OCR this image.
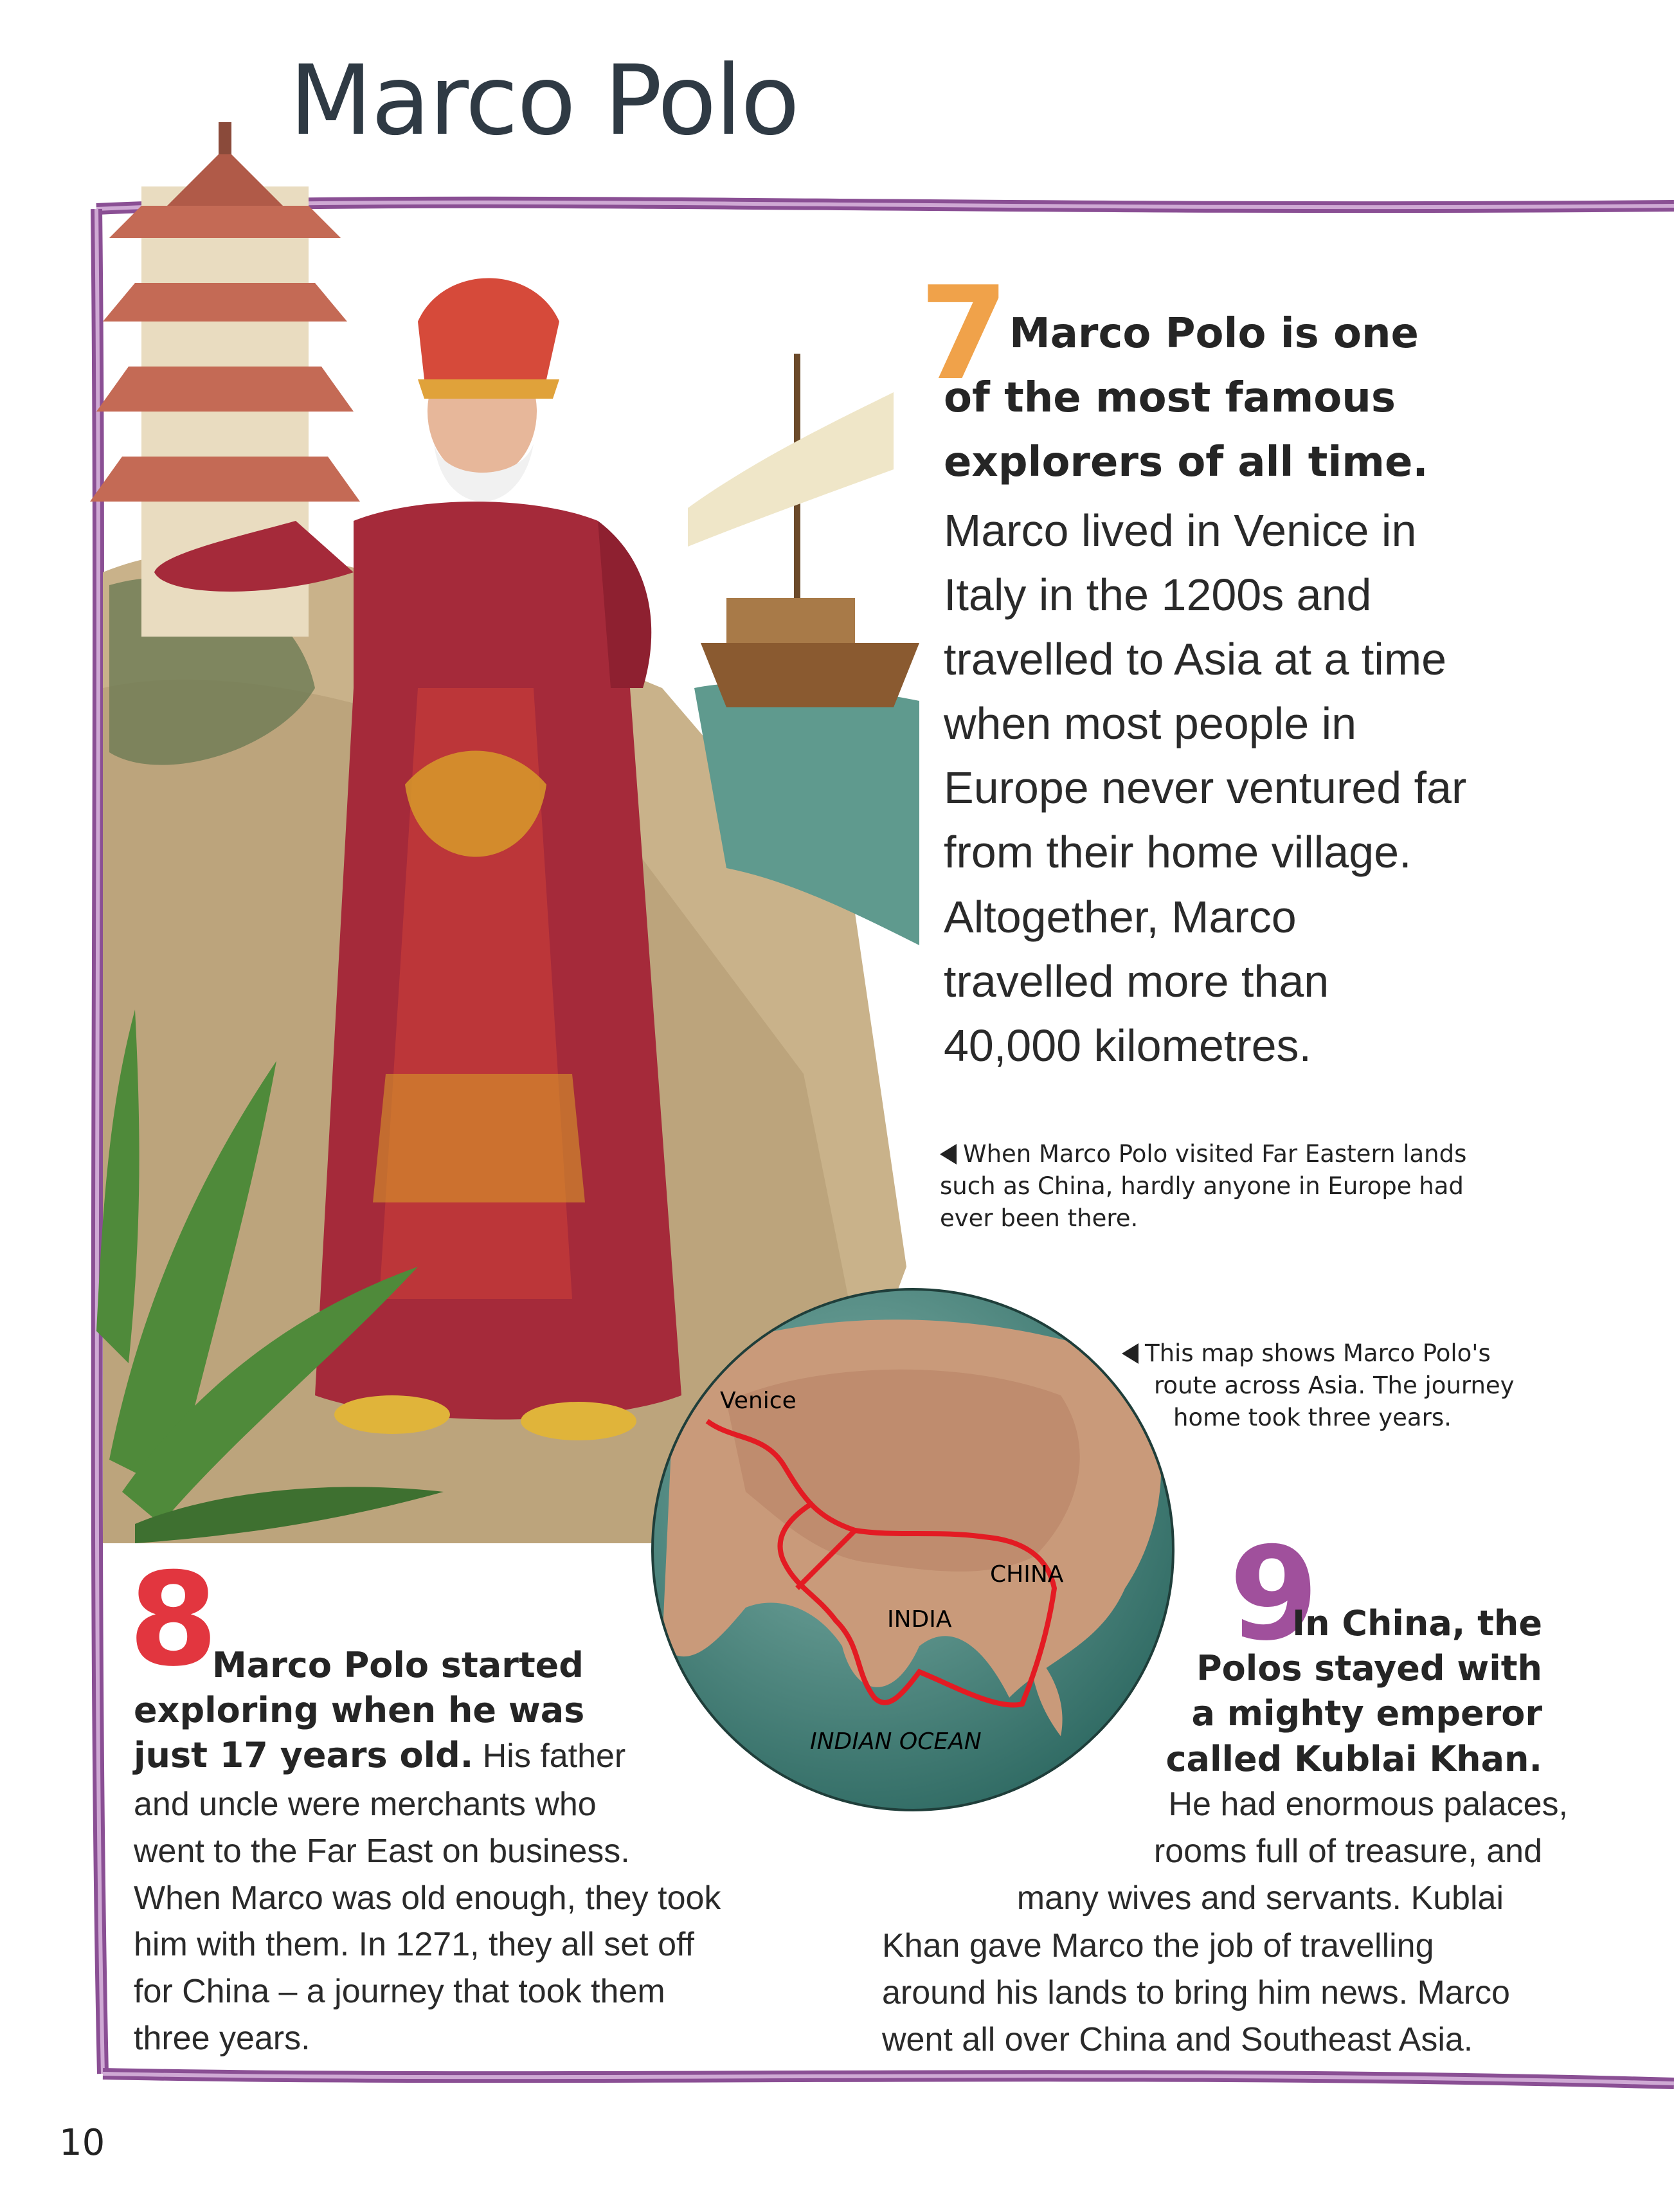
Marco Polo
7 Marco Polo is one
of the most famous
explorers of all time.
Marco lived in Venice in
Italy in the 1200s and
travelled to Asia at a time
when most people in
Europe never ventured far
from their home village.
Altogether, Marco
travelled more than
40,000 kilometres.
When Marco Polo visited Far Eastern lands
such as China, hardly anyone in Europe had
ever been there.
This map shows Marco Polo's
route across Asia. The journey
home took three years.
Venice
CHINA
INDIA
INDIAN OCEAN
8
Marco Polo started
exploring when he was
just 17 years old. His father
and uncle were merchants who
went to the Far East on business.
When Marco was old enough, they took
him with them. In 1271, they all set off
for China – a journey that took them
three years.
9
In China, the
Polos stayed with
a mighty emperor
called Kublai Khan.
He had enormous palaces,
rooms full of treasure, and
many wives and servants. Kublai
Khan gave Marco the job of travelling
around his lands to bring him news. Marco
went all over China and Southeast Asia.
10
